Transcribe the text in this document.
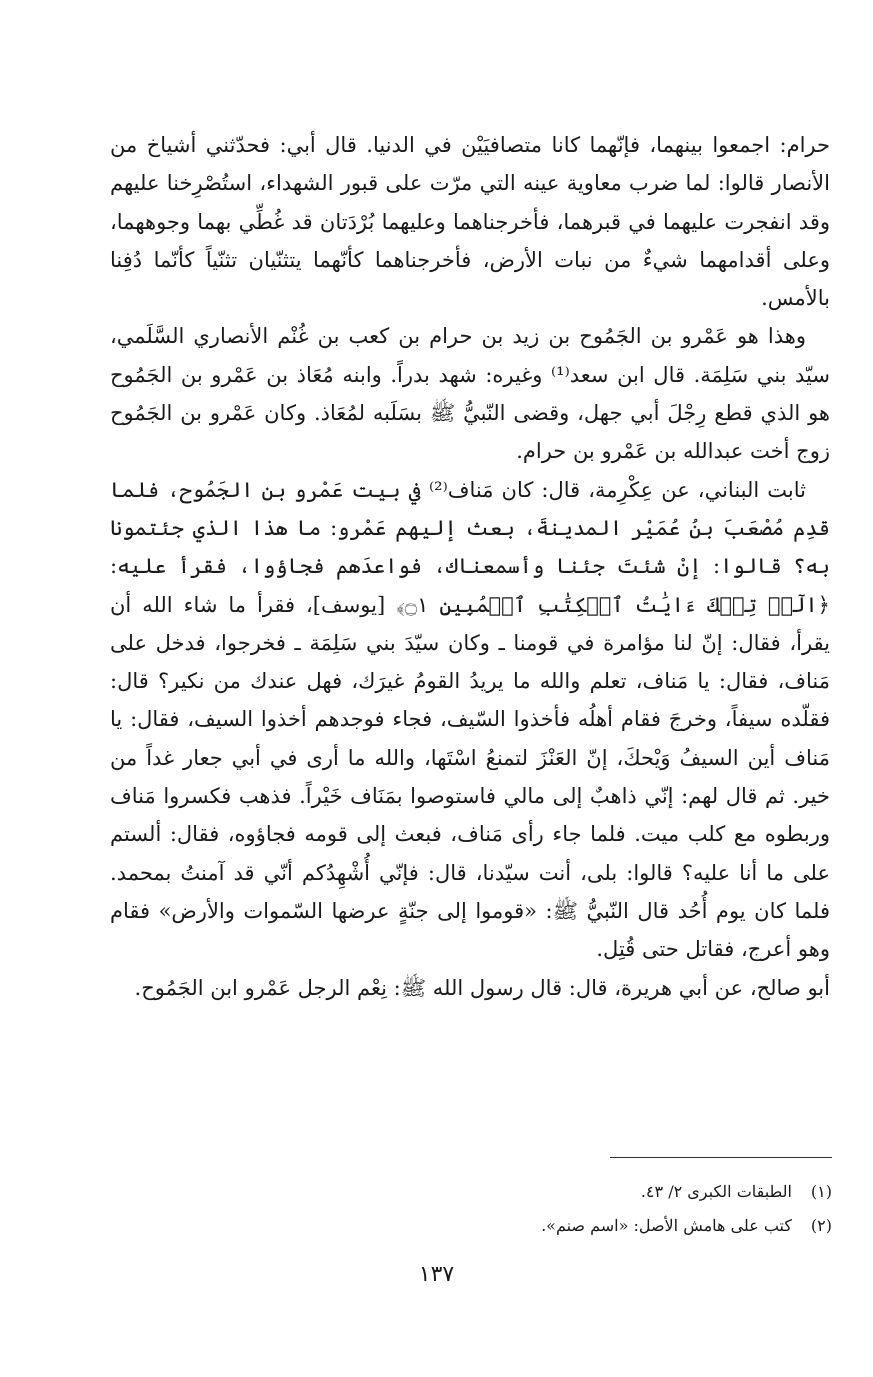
حرام: اجمعوا بينهما، فإنّهما كانا متصافيَيْن في الدنيا. قال أبي: فحدّثني أشياخ من الأنصار قالوا: لما ضرب معاوية عينه التي مرّت على قبور الشهداء، استُصْرِخنا عليهم وقد انفجرت عليهما في قبرهما، فأخرجناهما وعليهما بُرْدَتان قد غُطِّي بهما وجوههما، وعلى أقدامهما شيءٌ من نبات الأرض، فأخرجناهما كأنّهما يتثنّيان تثنّياً كأنّما دُفِنا بالأمس.

وهذا هو عَمْرو بن الجَمُوح بن زيد بن حرام بن كعب بن غُنْم الأنصاري السَّلَمي، سيّد بني سَلِمَة. قال ابن سعد⁽¹⁾ وغيره: شهد بدراً. وابنه مُعَاذ بن عَمْرو بن الجَمُوح هو الذي قطع رِجْلَ أبي جهل، وقضى النّبيُّ ﷺ بسَلَبه لمُعَاذ. وكان عَمْرو بن الجَمُوح زوج أخت عبدالله بن عَمْرو بن حرام.

ثابت البناني، عن عِكْرِمة، قال: كان مَناف⁽²⁾ في بيت عَمْرو بن الجَمُوح، فلما قدِم مُصْعَبَ بنُ عُمَيْر المدينةَ، بعث إليهم عَمْرو: ما هذا الذي جئتمونا به؟ قالوا: إنْ شئتَ جئنا وأسمعناك، فواعدَهم فجاؤوا، فقرأ عليه: ﴿الٓرۚ تِلۡكَ ءَايَٰتُ ٱلۡكِتَٰبِ ٱلۡمُبِينِ ۝١﴾ [يوسف]، فقرأ ما شاء الله أن يقرأ، فقال: إنّ لنا مؤامرة في قومنا ـ وكان سيّدَ بني سَلِمَة ـ فخرجوا، فدخل على مَناف، فقال: يا مَناف، تعلم والله ما يريدُ القومُ غيرَك، فهل عندك من نكير؟ قال: فقلّده سيفاً، وخرجَ فقام أهلُه فأخذوا السّيف، فجاء فوجدهم أخذوا السيف، فقال: يا مَناف أين السيفُ وَيْحكَ، إنّ العَنْزَ لتمنعُ اسْتَها، والله ما أرى في أبي جعار غداً من خير. ثم قال لهم: إنّي ذاهبٌ إلى مالي فاستوصوا بمَنَاف خَيْراً. فذهب فكسروا مَناف وربطوه مع كلب ميت. فلما جاء رأى مَناف، فبعث إلى قومه فجاؤوه، فقال: ألستم على ما أنا عليه؟ قالوا: بلى، أنت سيّدنا، قال: فإنّي أُشْهِدُكم أنّي قد آمنتُ بمحمد. فلما كان يوم أُحُد قال النّبيُّ ﷺ: «قوموا إلى جنّةٍ عرضها السّموات والأرض» فقام وهو أعرج، فقاتل حتى قُتِل.

أبو صالح، عن أبي هريرة، قال: قال رسول الله ﷺ: نِعْم الرجل عَمْرو ابن الجَمُوح.

(١)
الطبقات الكبرى ٢/ ٤٣.
(٢)
كتب على هامش الأصل: «اسم صنم».
١٣٧
